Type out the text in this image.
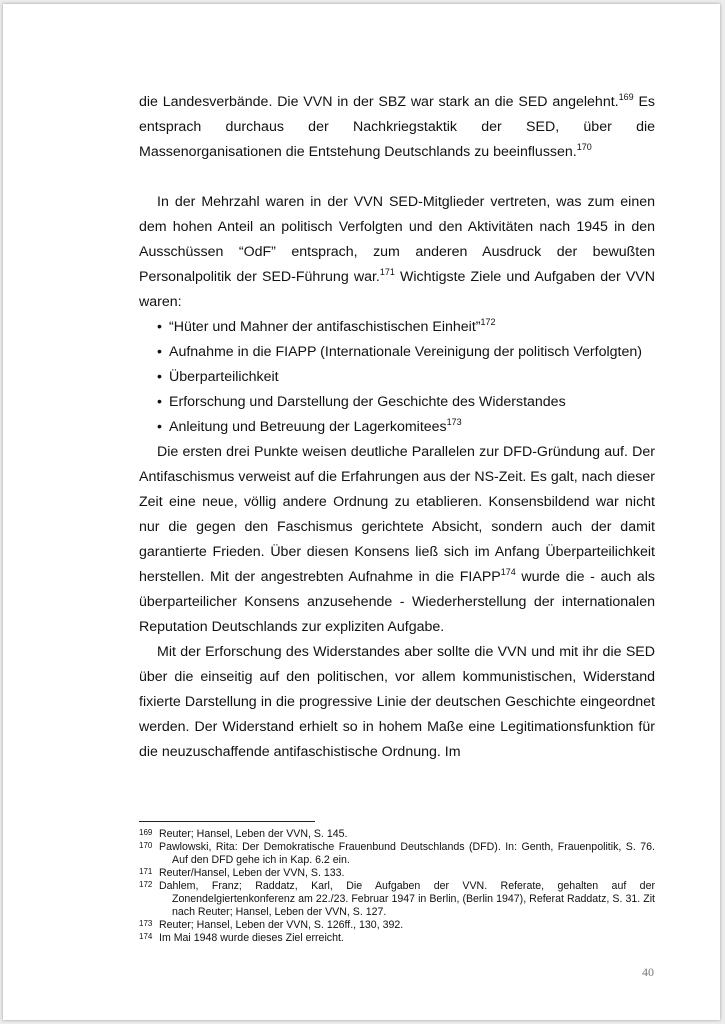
die Landesverbände. Die VVN in der SBZ war stark an die SED angelehnt.$^{169}$ Es entsprach durchaus der Nachkriegstaktik der SED, über die Massenorganisationen die Entstehung Deutschlands zu beeinflussen.$^{170}$

In der Mehrzahl waren in der VVN SED-Mitglieder vertreten, was zum einen dem hohen Anteil an politisch Verfolgten und den Aktivitäten nach 1945 in den Ausschüssen “OdF” entsprach, zum anderen Ausdruck der bewußten Personalpolitik der SED-Führung war.$^{171}$ Wichtigste Ziele und Aufgaben der VVN waren:

• “Hüter und Mahner der antifaschistischen Einheit”$^{172}$
• Aufnahme in die FIAPP (Internationale Vereinigung der politisch Verfolgten)
• Überparteilichkeit
• Erforschung und Darstellung der Geschichte des Widerstandes
• Anleitung und Betreuung der Lagerkomitees$^{173}$

Die ersten drei Punkte weisen deutliche Parallelen zur DFD-Gründung auf. Der Antifaschismus verweist auf die Erfahrungen aus der NS-Zeit. Es galt, nach dieser Zeit eine neue, völlig andere Ordnung zu etablieren. Konsensbildend war nicht nur die gegen den Faschismus gerichtete Absicht, sondern auch der damit garantierte Frieden. Über diesen Konsens ließ sich im Anfang Überparteilichkeit herstellen. Mit der angestrebten Aufnahme in die FIAPP$^{174}$ wurde die - auch als überparteilicher Konsens anzusehende - Wiederherstellung der internationalen Reputation Deutschlands zur expliziten Aufgabe.

Mit der Erforschung des Widerstandes aber sollte die VVN und mit ihr die SED über die einseitig auf den politischen, vor allem kommunistischen, Widerstand fixierte Darstellung in die progressive Linie der deutschen Geschichte eingeordnet werden. Der Widerstand erhielt so in hohem Maße eine Legitimationsfunktion für die neuzuschaffende antifaschistische Ordnung. Im

169 Reuter; Hansel, Leben der VVN, S. 145.
170 Pawlowski, Rita: Der Demokratische Frauenbund Deutschlands (DFD). In: Genth, Frauenpolitik, S. 76. Auf den DFD gehe ich in Kap. 6.2 ein.
171 Reuter/Hansel, Leben der VVN, S. 133.
172 Dahlem, Franz; Raddatz, Karl, Die Aufgaben der VVN. Referate, gehalten auf der Zonendelgiertenkonferenz am 22./23. Februar 1947 in Berlin, (Berlin 1947), Referat Raddatz, S. 31. Zit nach Reuter; Hansel, Leben der VVN, S. 127.
173 Reuter; Hansel, Leben der VVN, S. 126ff., 130, 392.
174 Im Mai 1948 wurde dieses Ziel erreicht.
40
